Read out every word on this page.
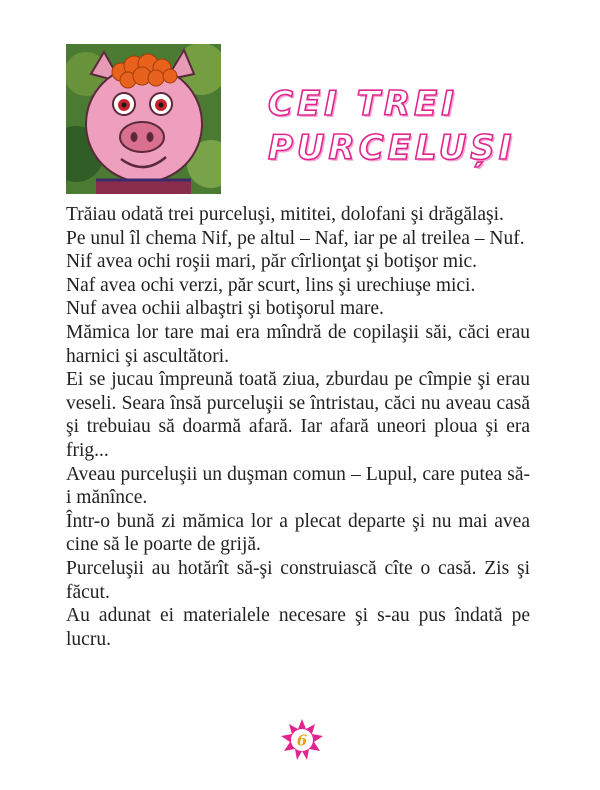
CEI TREI
PURCELUȘI

Trăiau odată trei purceluşi, mititei, dolofani şi drăgălaşi.

Pe unul îl chema Nif, pe altul – Naf, iar pe al treilea – Nuf.

Nif avea ochi roşii mari, păr cîrlionţat şi botişor mic.

Naf avea ochi verzi, păr scurt, lins şi urechiuşe mici.

Nuf avea ochii albaştri şi botişorul mare.

Mămica lor tare mai era mîndră de copilaşii săi, căci erau harnici şi ascultători.

Ei se jucau împreună toată ziua, zburdau pe cîmpie şi erau veseli. Seara însă purceluşii se întristau, căci nu aveau casă şi trebuiau să doarmă afară. Iar afară uneori ploua şi era frig...

Aveau purceluşii un duşman comun – Lupul, care putea să-i mănînce.

Într-o bună zi mămica lor a plecat departe şi nu mai avea cine să le poarte de grijă.

Purceluşii au hotărît să-şi construiască cîte o casă. Zis şi făcut.

Au adunat ei materialele necesare şi s-au pus îndată pe lucru.

6
